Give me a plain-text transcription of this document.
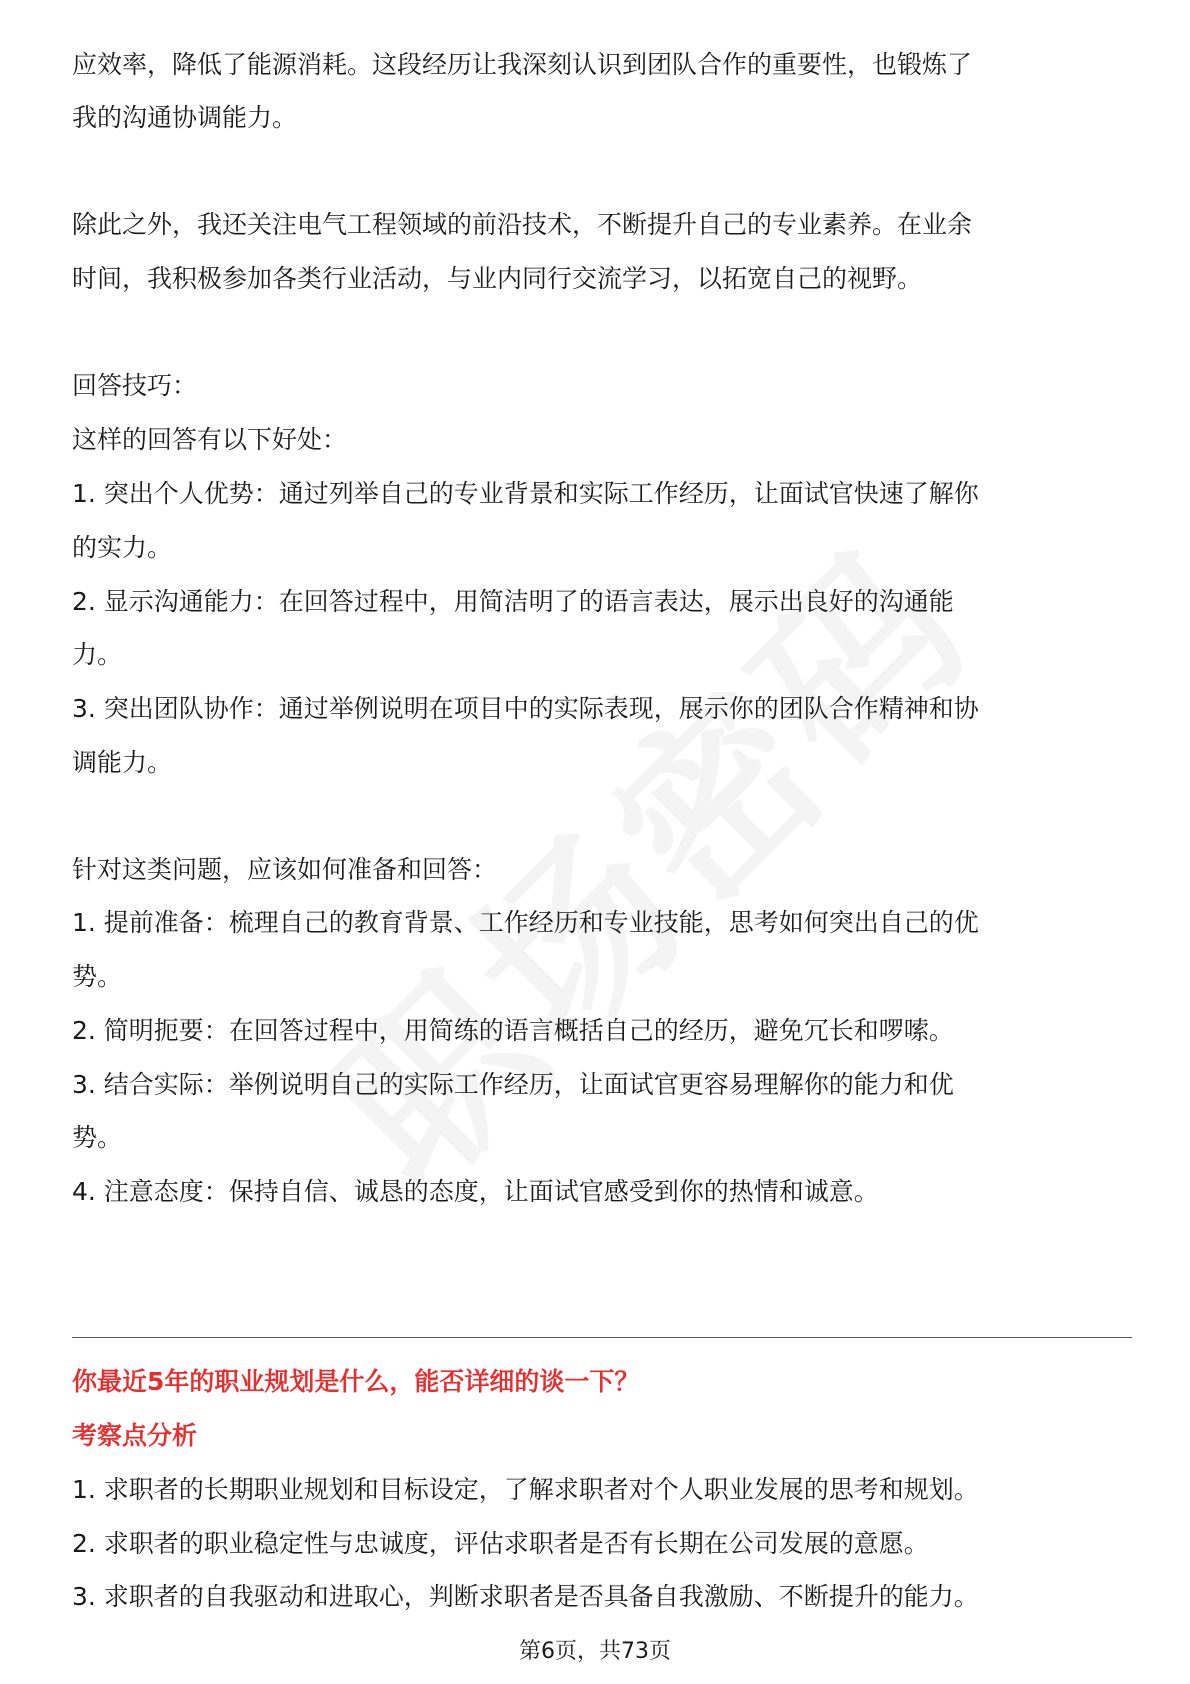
应效率，降低了能源消耗。这段经历让我深刻认识到团队合作的重要性，也锻炼了
我的沟通协调能力。
除此之外，我还关注电气工程领域的前沿技术，不断提升自己的专业素养。在业余
时间，我积极参加各类行业活动，与业内同行交流学习，以拓宽自己的视野。
回答技巧：
这样的回答有以下好处：
1. 突出个人优势：通过列举自己的专业背景和实际工作经历，让面试官快速了解你
的实力。
2. 显示沟通能力：在回答过程中，用简洁明了的语言表达，展示出良好的沟通能
力。
3. 突出团队协作：通过举例说明在项目中的实际表现，展示你的团队合作精神和协
调能力。
针对这类问题，应该如何准备和回答：
1. 提前准备：梳理自己的教育背景、工作经历和专业技能，思考如何突出自己的优
势。
2. 简明扼要：在回答过程中，用简练的语言概括自己的经历，避免冗长和啰嗦。
3. 结合实际：举例说明自己的实际工作经历，让面试官更容易理解你的能力和优
势。
4. 注意态度：保持自信、诚恳的态度，让面试官感受到你的热情和诚意。
你最近5年的职业规划是什么，能否详细的谈一下？
考察点分析
1. 求职者的长期职业规划和目标设定，了解求职者对个人职业发展的思考和规划。
2. 求职者的职业稳定性与忠诚度，评估求职者是否有长期在公司发展的意愿。
3. 求职者的自我驱动和进取心，判断求职者是否具备自我激励、不断提升的能力。
第6页，共73页
